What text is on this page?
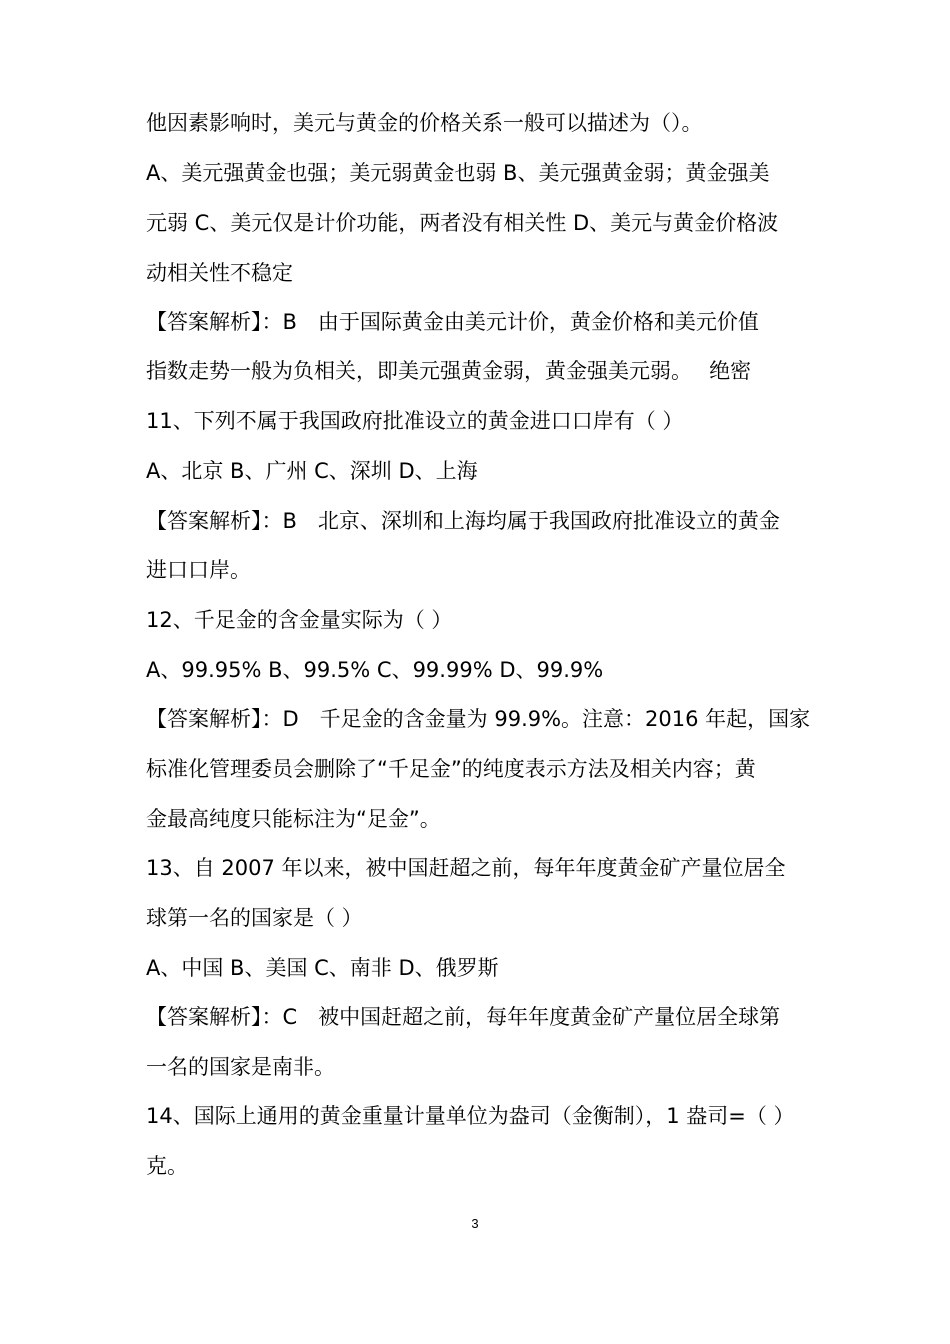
他因素影响时，美元与黄金的价格关系一般可以描述为（）。
A、美元强黄金也强；美元弱黄金也弱 B、美元强黄金弱；黄金强美
元弱 C、美元仅是计价功能，两者没有相关性 D、美元与黄金价格波
动相关性不稳定
【答案解析】：B　由于国际黄金由美元计价，黄金价格和美元价值
指数走势一般为负相关，即美元强黄金弱，黄金强美元弱。　 绝密
11、下列不属于我国政府批准设立的黄金进口口岸有（ ）
A、北京 B、广州 C、深圳 D、上海
【答案解析】：B　北京、深圳和上海均属于我国政府批准设立的黄金
进口口岸。
12、千足金的含金量实际为（ ）
A、99.95% B、99.5% C、99.99% D、99.9%
【答案解析】：D　千足金的含金量为 99.9%。注意：2016 年起，国家
标准化管理委员会删除了“千足金”的纯度表示方法及相关内容；黄
金最高纯度只能标注为“足金”。
13、自 2007 年以来，被中国赶超之前，每年年度黄金矿产量位居全
球第一名的国家是（ ）
A、中国 B、美国 C、南非 D、俄罗斯
【答案解析】：C　被中国赶超之前，每年年度黄金矿产量位居全球第
一名的国家是南非。
14、国际上通用的黄金重量计量单位为盎司（金衡制），1 盎司=（ ）
克。
3
